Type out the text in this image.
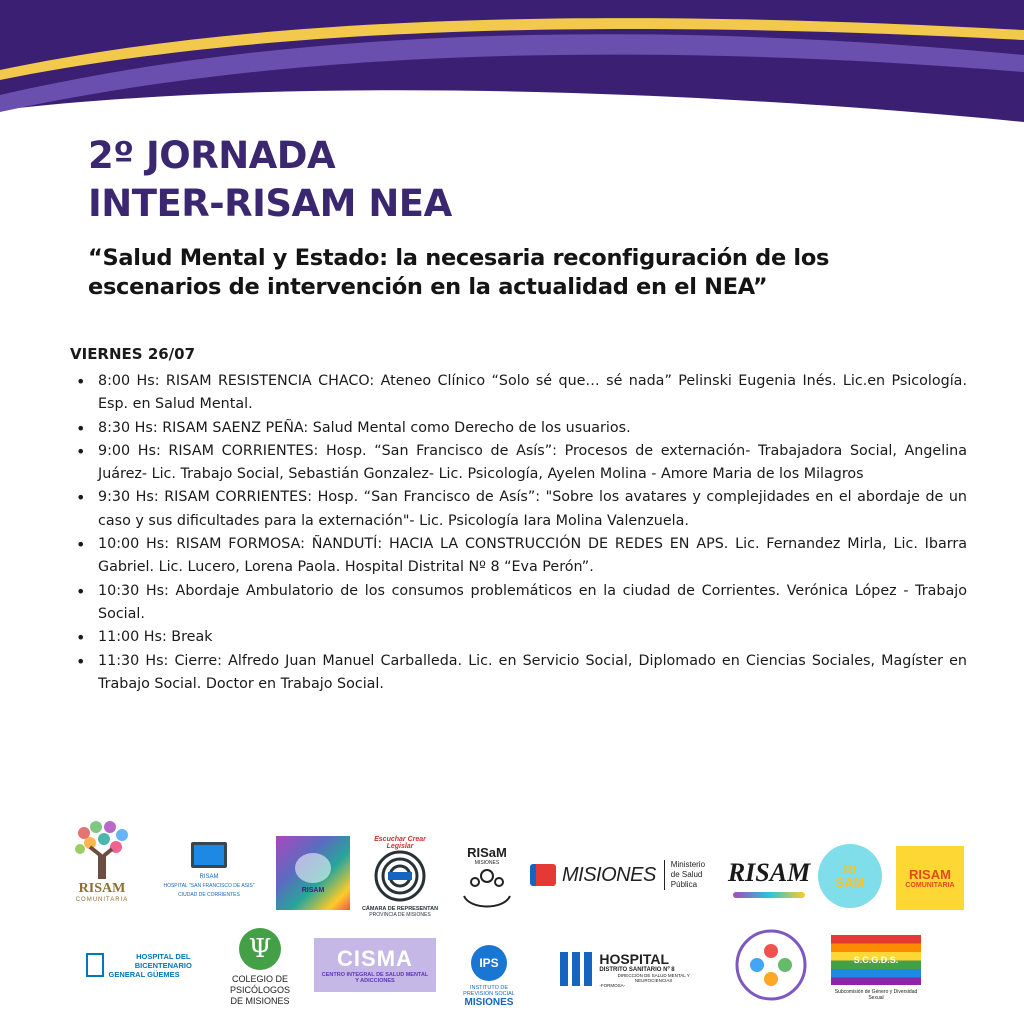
2º JORNADA
INTER-RISAM NEA
“Salud Mental y Estado: la necesaria reconfiguración de los
escenarios de intervención en la actualidad en el NEA”

VIERNES 26/07

• 8:00 Hs: RISAM RESISTENCIA CHACO: Ateneo Clínico “Solo sé que… sé nada” Pelinski Eugenia Inés. Lic.en Psicología. Esp. en Salud Mental.
• 8:30 Hs: RISAM SAENZ PEÑA: Salud Mental como Derecho de los usuarios.
• 9:00 Hs: RISAM CORRIENTES: Hosp. “San Francisco de Asís”: Procesos de externación- Trabajadora Social, Angelina Juárez- Lic. Trabajo Social, Sebastián Gonzalez- Lic. Psicología, Ayelen Molina - Amore Maria de los Milagros
• 9:30 Hs: RISAM CORRIENTES: Hosp. “San Francisco de Asís”: "Sobre los avatares y complejidades en el abordaje de un caso y sus dificultades para la externación"- Lic. Psicología Iara Molina Valenzuela.
• 10:00 Hs: RISAM FORMOSA: ÑANDUTÍ: HACIA LA CONSTRUCCIÓN DE REDES EN APS. Lic. Fernandez Mirla, Lic. Ibarra Gabriel. Lic. Lucero, Lorena Paola. Hospital Distrital Nº 8 “Eva Perón”.
• 10:30 Hs: Abordaje Ambulatorio de los consumos problemáticos en la ciudad de Corrientes. Verónica López - Trabajo Social.
• 11:00 Hs: Break
• 11:30 Hs: Cierre: Alfredo Juan Manuel Carballeda. Lic. en Servicio Social, Diplomado en Ciencias Sociales, Magíster en Trabajo Social. Doctor en Trabajo Social.
RISAM
COMUNITARIA
RISAM
HOSPITAL "SAN FRANCISCO DE ASIS"
CIUDAD DE CORRIENTES
RISAM
Escuchar Crear Legislar
CÁMARA DE REPRESENTAN
PROVINCIA DE MISIONES
RISaM
MISIONES
MISIONES Ministerio de Salud Pública	RISAM	RI SAM
RISAM
COMUNITARIA
HOSPITAL DEL BICENTENARIO
GENERAL GÜEMES
Ψ
COLEGIO DE PSICÓLOGOS DE MISIONES
CISMA
CENTRO INTEGRAL DE SALUD MENTAL Y ADICCIONES
IPS
INSTITUTO DE PREVISION SOCIAL
MISIONES
HOSPITAL
DISTRITO SANITARIO Nº 8
DIRECCIÓN DE SALUD MENTAL Y NEUROCIENCIAS
-FORMOSA-
S.C.G.D.S.
Subcomisión de Género y Diversidad Sexual
